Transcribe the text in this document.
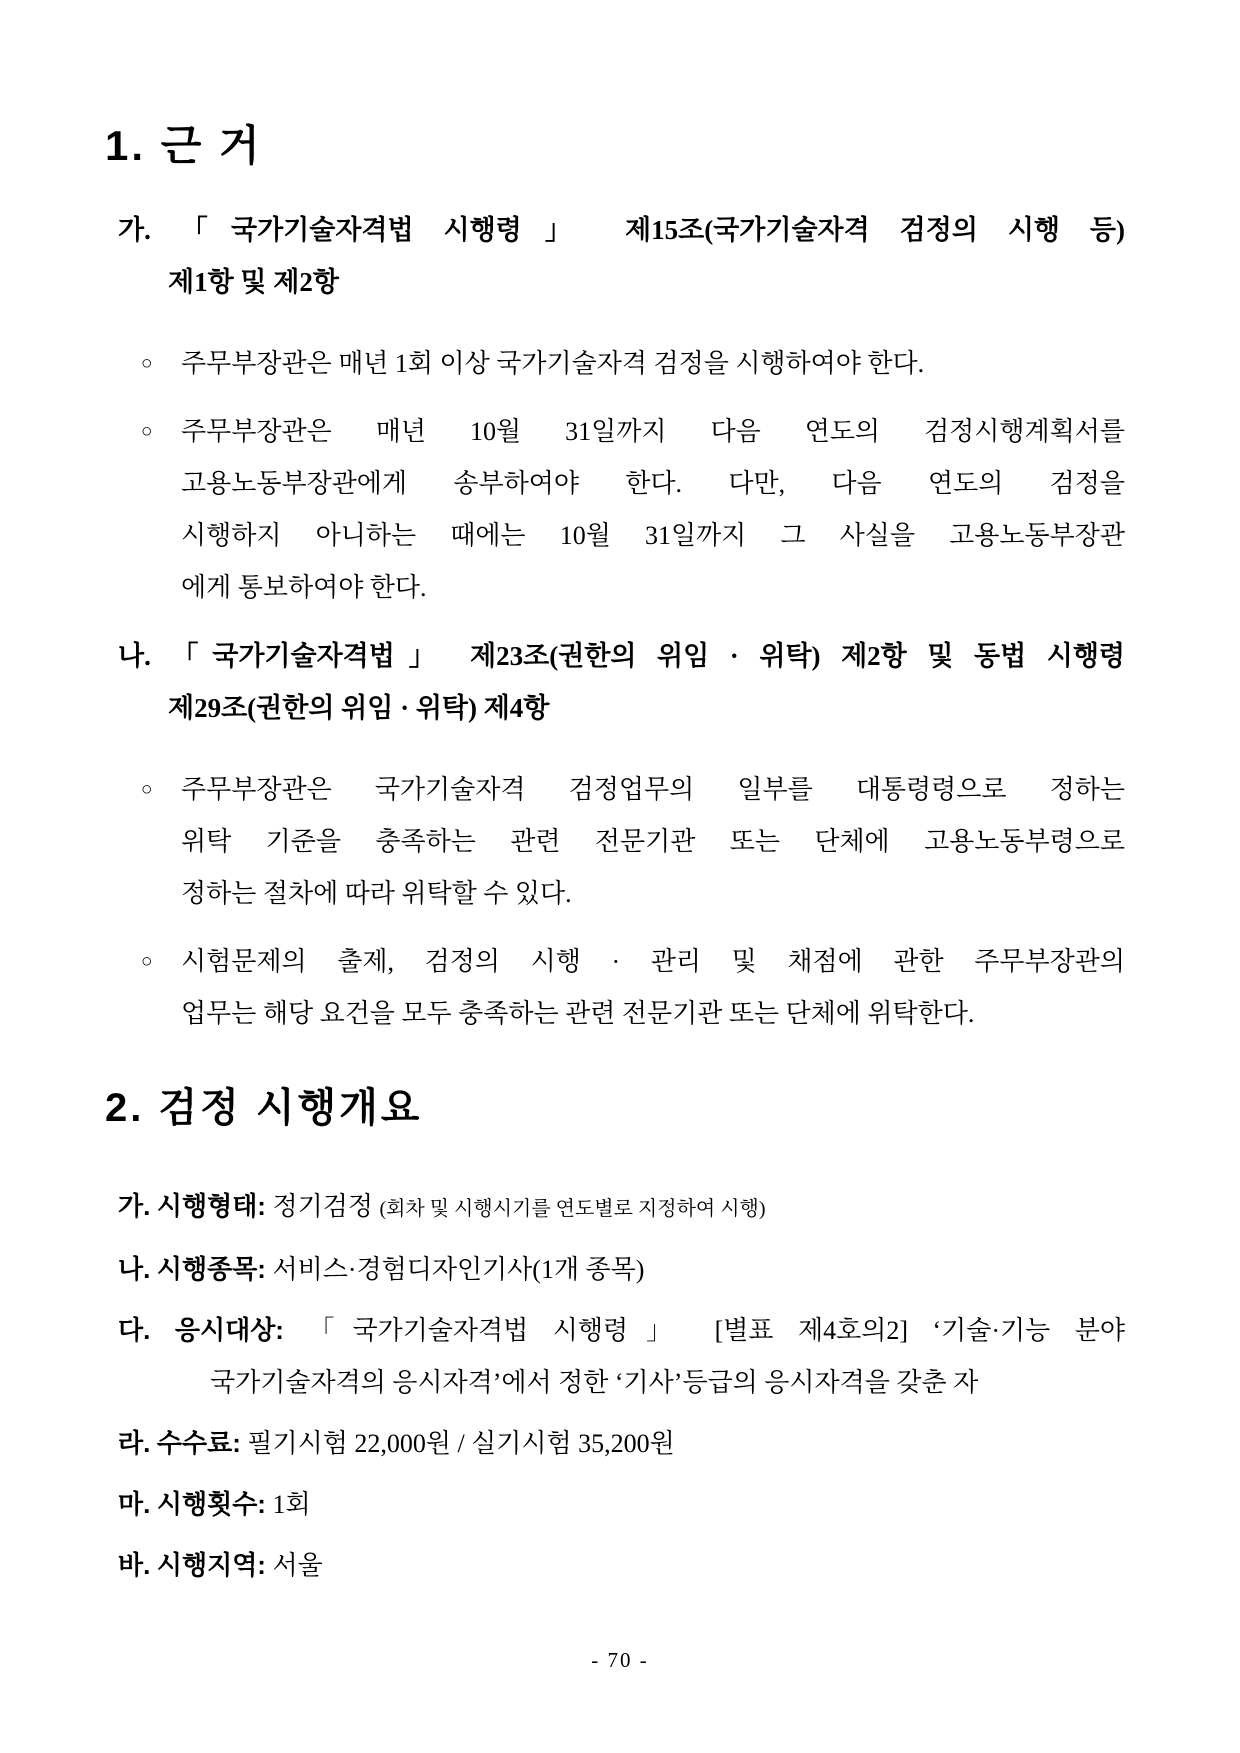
1. 근 거
가. 「국가기술자격법 시행령」 제15조(국가기술자격 검정의 시행 등)
제1항 및 제2항
○ 주무부장관은 매년 1회 이상 국가기술자격 검정을 시행하여야 한다.
○ 주무부장관은 매년 10월 31일까지 다음 연도의 검정시행계획서를
고용노동부장관에게 송부하여야 한다. 다만, 다음 연도의 검정을
시행하지 아니하는 때에는 10월 31일까지 그 사실을 고용노동부장관
에게 통보하여야 한다.
나. 「국가기술자격법」 제23조(권한의 위임 · 위탁) 제2항 및 동법 시행령
제29조(권한의 위임 · 위탁) 제4항
○ 주무부장관은 국가기술자격 검정업무의 일부를 대통령령으로 정하는
위탁 기준을 충족하는 관련 전문기관 또는 단체에 고용노동부령으로
정하는 절차에 따라 위탁할 수 있다.
○ 시험문제의 출제, 검정의 시행 · 관리 및 채점에 관한 주무부장관의
업무는 해당 요건을 모두 충족하는 관련 전문기관 또는 단체에 위탁한다.
2. 검정 시행개요
가. 시행형태: 정기검정 (회차 및 시행시기를 연도별로 지정하여 시행)
나. 시행종목: 서비스·경험디자인기사(1개 종목)
다. 응시대상: 「국가기술자격법 시행령」 [별표 제4호의2] ‘기술·기능 분야
국가기술자격의 응시자격’에서 정한 ‘기사’등급의 응시자격을 갖춘 자
라. 수수료: 필기시험 22,000원 / 실기시험 35,200원
마. 시행횟수: 1회
바. 시행지역: 서울
- 70 -
